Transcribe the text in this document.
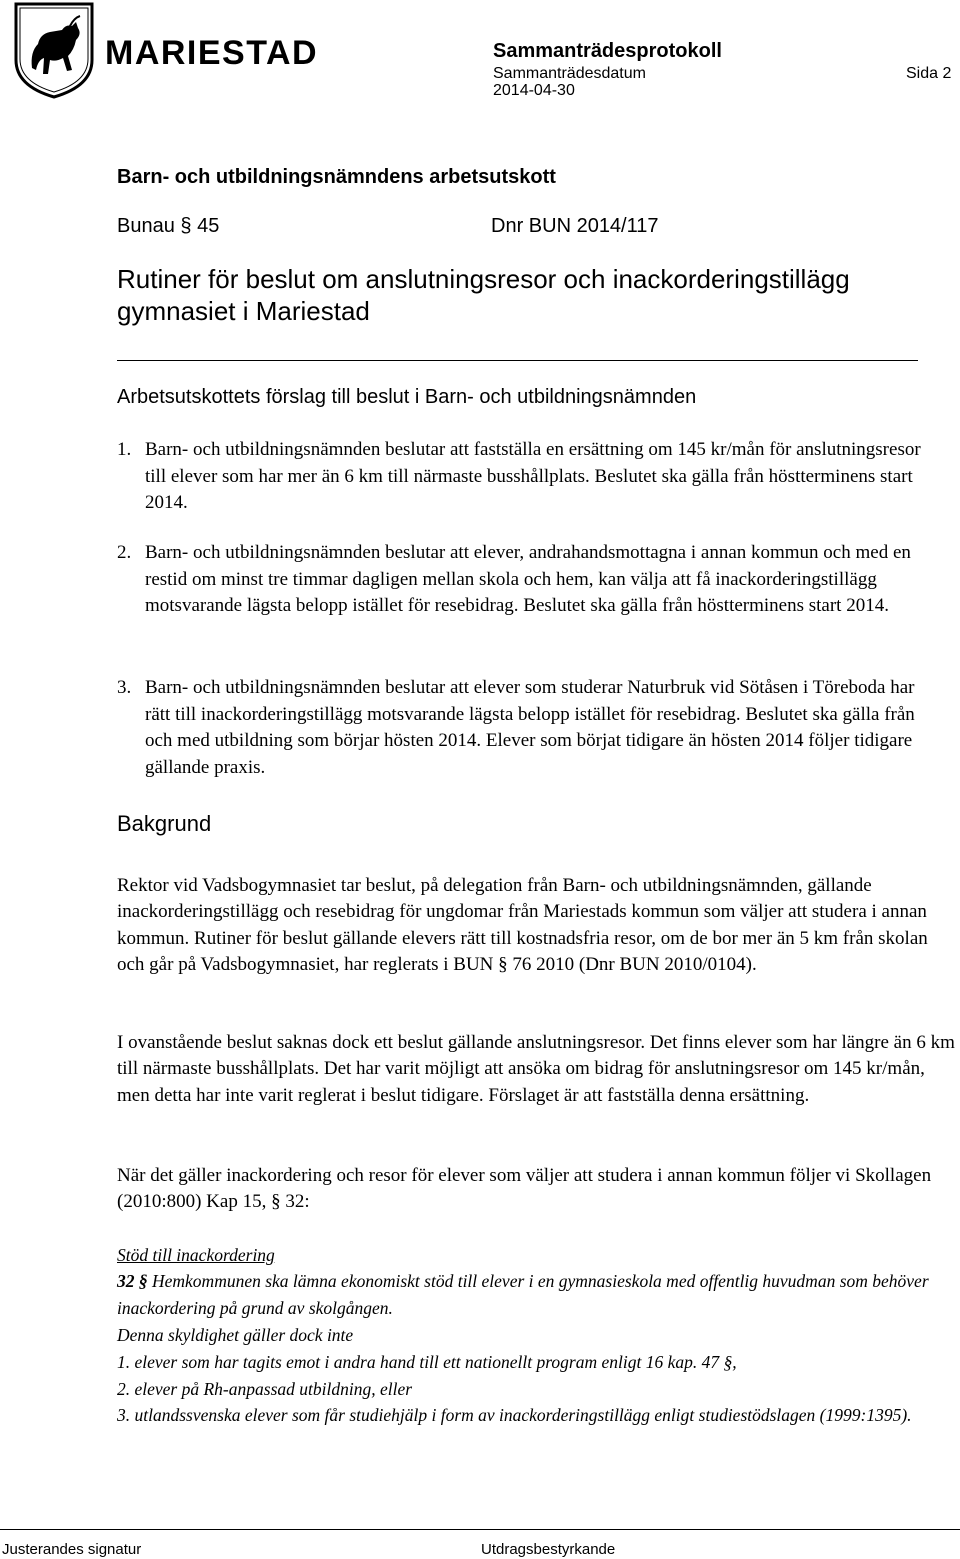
MARIESTAD	Sammanträdesprotokoll
Sammanträdesdatum	Sida 2
2014-04-30
Barn- och utbildningsnämndens arbetsutskott
Bunau § 45	Dnr BUN 2014/117
Rutiner för beslut om anslutningsresor och inackorderingstillägg gymnasiet i Mariestad
Arbetsutskottets förslag till beslut i Barn- och utbildningsnämnden
1. Barn- och utbildningsnämnden beslutar att fastställa en ersättning om 145 kr/mån för anslutningsresor till elever som har mer än 6 km till närmaste busshållplats. Beslutet ska gälla från höstterminens start 2014.
2. Barn- och utbildningsnämnden beslutar att elever, andrahandsmottagna i annan kommun och med en restid om minst tre timmar dagligen mellan skola och hem, kan välja att få inackorderingstillägg motsvarande lägsta belopp istället för resebidrag. Beslutet ska gälla från höstterminens start 2014.
3. Barn- och utbildningsnämnden beslutar att elever som studerar Naturbruk vid Sötåsen i Töreboda har rätt till inackorderingstillägg motsvarande lägsta belopp istället för resebidrag. Beslutet ska gälla från och med utbildning som börjar hösten 2014. Elever som börjat tidigare än hösten 2014 följer tidigare gällande praxis.
Bakgrund
Rektor vid Vadsbogymnasiet tar beslut, på delegation från Barn- och utbildningsnämnden, gällande inackorderingstillägg och resebidrag för ungdomar från Mariestads kommun som väljer att studera i annan kommun. Rutiner för beslut gällande elevers rätt till kostnadsfria resor, om de bor mer än 5 km från skolan och går på Vadsbogymnasiet, har reglerats i BUN § 76 2010 (Dnr BUN 2010/0104).
I ovanstående beslut saknas dock ett beslut gällande anslutningsresor. Det finns elever som har längre än 6 km till närmaste busshållplats. Det har varit möjligt att ansöka om bidrag för anslutningsresor om 145 kr/mån, men detta har inte varit reglerat i beslut tidigare. Förslaget är att fastställa denna ersättning.
När det gäller inackordering och resor för elever som väljer att studera i annan kommun följer vi Skollagen (2010:800) Kap 15, § 32:
Stöd till inackordering
32 § Hemkommunen ska lämna ekonomiskt stöd till elever i en gymnasieskola med offentlig huvudman som behöver inackordering på grund av skolgången.
Denna skyldighet gäller dock inte
1. elever som har tagits emot i andra hand till ett nationellt program enligt 16 kap. 47 §,
2. elever på Rh-anpassad utbildning, eller
3. utlandssvenska elever som får studiehjälp i form av inackorderingstillägg enligt studiestödslagen (1999:1395).
Justerandes signatur	Utdragsbestyrkande
